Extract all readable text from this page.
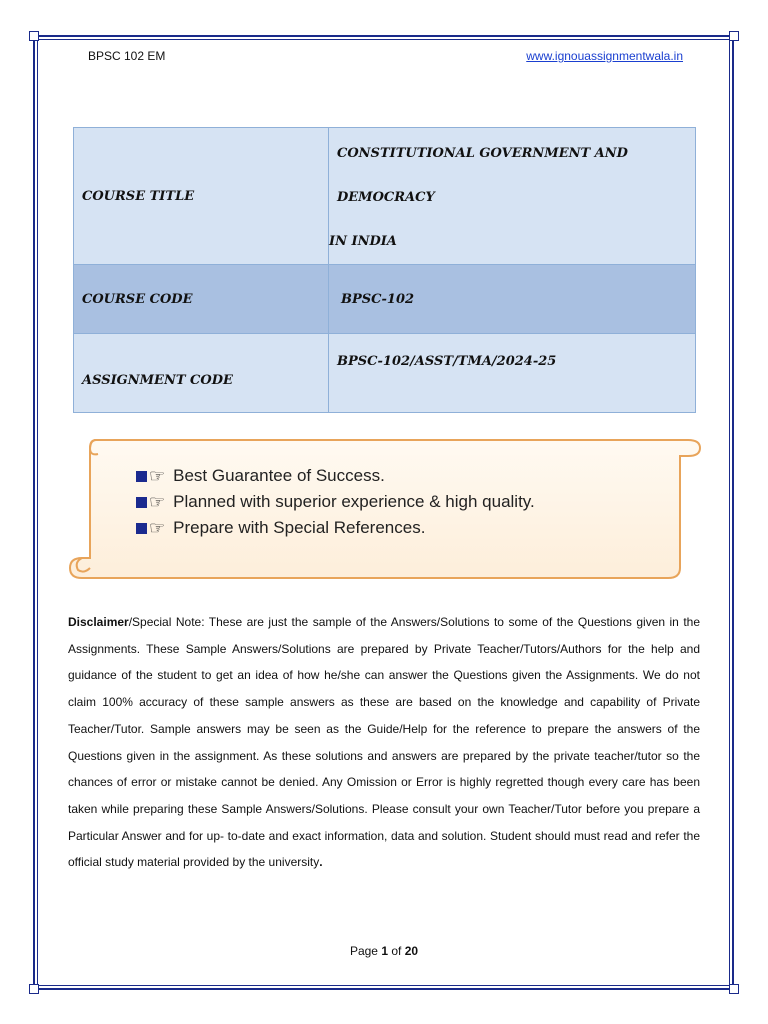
BPSC 102 EM	www.ignouassignmentwala.in
COURSE TITLE	CONSTITUTIONAL GOVERNMENT AND DEMOCRACY
IN INDIA

COURSE CODE	BPSC-102
ASSIGNMENT CODE	BPSC-102/ASST/TMA/2024-25
☞ Best Guarantee of Success.
☞ Planned with superior experience & high quality.
☞ Prepare with Special References.
Disclaimer/Special Note: These are just the sample of the Answers/Solutions to some of the Questions given in the Assignments. These Sample Answers/Solutions are prepared by Private Teacher/Tutors/Authors for the help and guidance of the student to get an idea of how he/she can answer the Questions given the Assignments. We do not claim 100% accuracy of these sample answers as these are based on the knowledge and capability of Private Teacher/Tutor. Sample answers may be seen as the Guide/Help for the reference to prepare the answers of the Questions given in the assignment. As these solutions and answers are prepared by the private teacher/tutor so the chances of error or mistake cannot be denied. Any Omission or Error is highly regretted though every care has been taken while preparing these Sample Answers/Solutions. Please consult your own Teacher/Tutor before you prepare a Particular Answer and for up- to-date and exact information, data and solution. Student should must read and refer the official study material provided by the university.
Page 1 of 20
